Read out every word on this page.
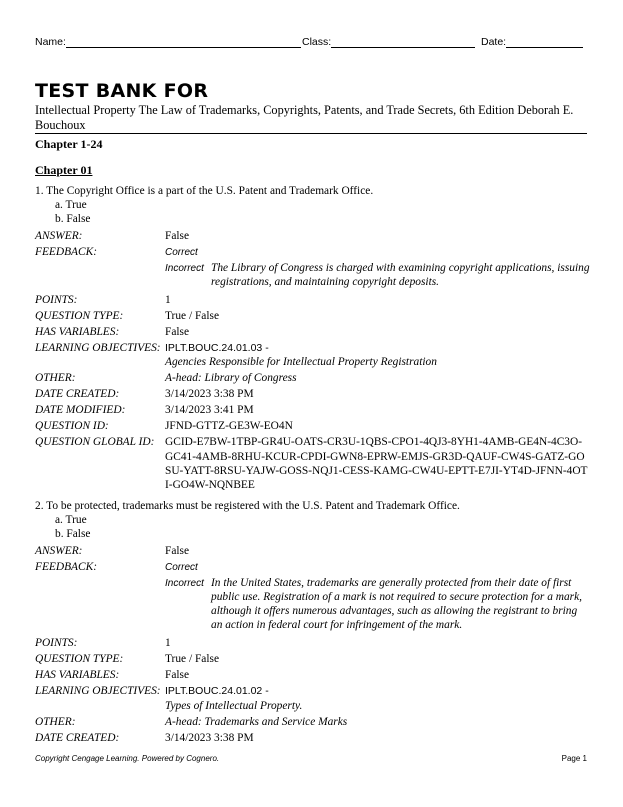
Name:	Class:	Date:
TEST BANK FOR
Intellectual Property The Law of Trademarks, Copyrights, Patents, and Trade Secrets, 6th Edition Deborah E. Bouchoux
Chapter 1-24
Chapter 01

1. The Copyright Office is a part of the U.S. Patent and Trademark Office.

a. True
b. False
ANSWER:	False
FEEDBACK:	Correct
Incorrect The Library of Congress is charged with examining copyright applications, issuing registrations, and maintaining copyright deposits.
POINTS:	1
QUESTION TYPE:	True / False
HAS VARIABLES:	False
LEARNING OBJECTIVES: IPLT.BOUC.24.01.03 -
Agencies Responsible for Intellectual Property Registration
OTHER:	A-head: Library of Congress
DATE CREATED:	3/14/2023 3:38 PM
DATE MODIFIED:	3/14/2023 3:41 PM
QUESTION ID:	JFND-GTTZ-GE3W-EO4N
QUESTION GLOBAL ID: GCID-E7BW-1TBP-GR4U-OATS-CR3U-1QBS-CPO1-4QJ3-8YH1-4AMB-GE4N-4C3O-GC41-4AMB-8RHU-KCUR-CPDI-GWN8-EPRW-EMJS-GR3D-QAUF-CW4S-GATZ-GOSU-YATT-8RSU-YAJW-GOSS-NQJ1-CESS-KAMG-CW4U-EPTT-E7JI-YT4D-JFNN-4OTI-GO4W-NQNBEE

2. To be protected, trademarks must be registered with the U.S. Patent and Trademark Office.

a. True
b. False
ANSWER:	False
FEEDBACK:	Correct
Incorrect In the United States, trademarks are generally protected from their date of first public use. Registration of a mark is not required to secure protection for a mark, although it offers numerous advantages, such as allowing the registrant to bring an action in federal court for infringement of the mark.
POINTS:	1
QUESTION TYPE:	True / False
HAS VARIABLES:	False
LEARNING OBJECTIVES: IPLT.BOUC.24.01.02 -
Types of Intellectual Property.
OTHER:	A-head: Trademarks and Service Marks
DATE CREATED:	3/14/2023 3:38 PM
Copyright Cengage Learning. Powered by Cognero.	Page 1
